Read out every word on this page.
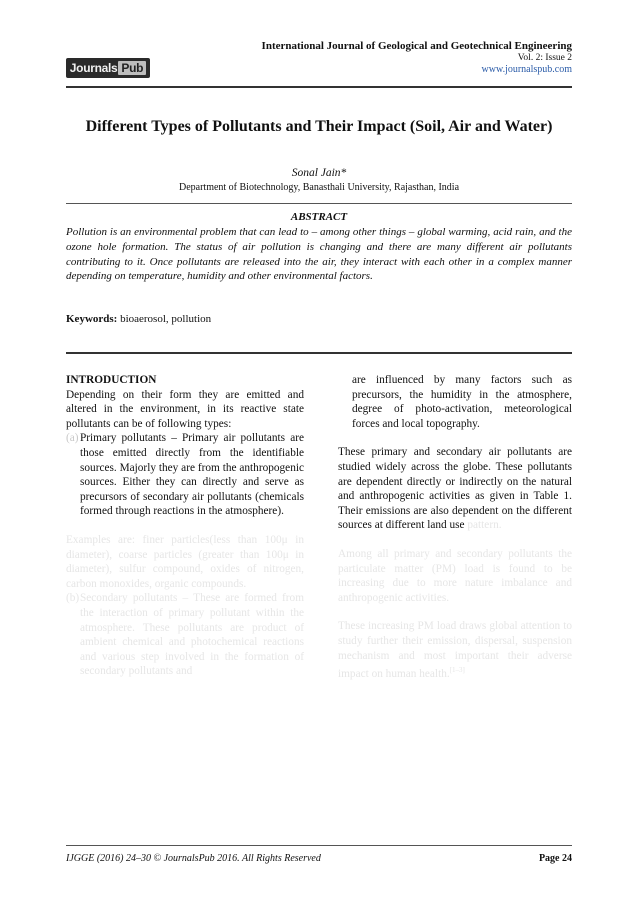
Journals Pub
International Journal of Geological and Geotechnical Engineering
Vol. 2: Issue 2
www.journalspub.com
Different Types of Pollutants and Their Impact (Soil, Air and Water)
Sonal Jain*
Department of Biotechnology, Banasthali University, Rajasthan, India
ABSTRACT
Pollution is an environmental problem that can lead to – among other things – global warming, acid rain, and the ozone hole formation. The status of air pollution is changing and there are many different air pollutants contributing to it. Once pollutants are released into the air, they interact with each other in a complex manner depending on temperature, humidity and other environmental factors.
Keywords: bioaerosol, pollution
INTRODUCTION

Depending on their form they are emitted and altered in the environment, in its reactive state pollutants can be of following types:

(a) Primary pollutants – Primary air pollutants are those emitted directly from the identifiable sources. Majorly they are from the anthropogenic sources. Either they can directly and serve as precursors of secondary air pollutants (chemicals formed through reactions in the atmosphere).

Examples are: finer particles(less than 100μ in diameter), coarse particles (greater than 100μ in diameter), sulfur compound, oxides of nitrogen, carbon monoxides, organic compounds.

(b) Secondary pollutants – These are formed from the interaction of primary pollutant within the atmosphere. These pollutants are product of ambient chemical and photochemical reactions and various step involved in the formation of secondary pollutants and

are influenced by many factors such as precursors, the humidity in the atmosphere, degree of photo-activation, meteorological forces and local topography.

These primary and secondary air pollutants are studied widely across the globe. These pollutants are dependent directly or indirectly on the natural and anthropogenic activities as given in Table 1. Their emissions are also dependent on the different sources at different land use pattern.

Among all primary and secondary pollutants the particulate matter (PM) load is found to be increasing due to more nature imbalance and anthropogenic activities.

These increasing PM load draws global attention to study further their emission, dispersal, suspension mechanism and most important their adverse impact on human health.[1–3]

IJGGE (2016) 24–30 © JournalsPub 2016. All Rights Reserved	Page 24
